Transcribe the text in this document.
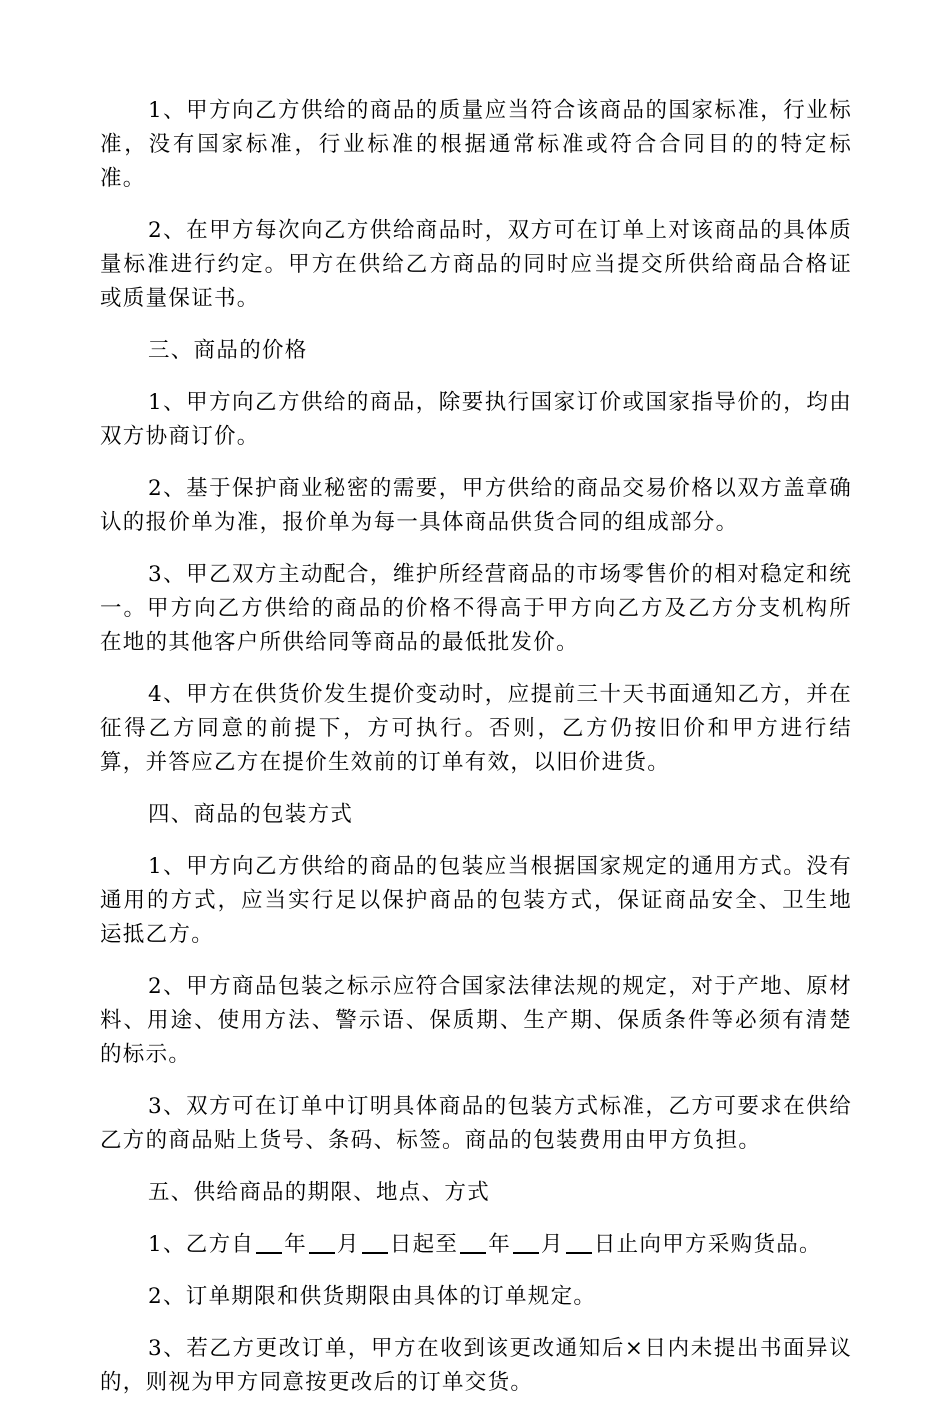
1、甲方向乙方供给的商品的质量应当符合该商品的国家标准，行业标准，没有国家标准，行业标准的根据通常标准或符合合同目的的特定标准。

2、在甲方每次向乙方供给商品时，双方可在订单上对该商品的具体质量标准进行约定。甲方在供给乙方商品的同时应当提交所供给商品合格证或质量保证书。

三、商品的价格

1、甲方向乙方供给的商品，除要执行国家订价或国家指导价的，均由双方协商订价。

2、基于保护商业秘密的需要，甲方供给的商品交易价格以双方盖章确认的报价单为准，报价单为每一具体商品供货合同的组成部分。

3、甲乙双方主动配合，维护所经营商品的市场零售价的相对稳定和统一。甲方向乙方供给的商品的价格不得高于甲方向乙方及乙方分支机构所在地的其他客户所供给同等商品的最低批发价。

4、甲方在供货价发生提价变动时，应提前三十天书面通知乙方，并在征得乙方同意的前提下，方可执行。否则，乙方仍按旧价和甲方进行结算，并答应乙方在提价生效前的订单有效，以旧价进货。

四、商品的包装方式

1、甲方向乙方供给的商品的包装应当根据国家规定的通用方式。没有通用的方式，应当实行足以保护商品的包装方式，保证商品安全、卫生地运抵乙方。

2、甲方商品包装之标示应符合国家法律法规的规定，对于产地、原材料、用途、使用方法、警示语、保质期、生产期、保质条件等必须有清楚的标示。

3、双方可在订单中订明具体商品的包装方式标准，乙方可要求在供给乙方的商品贴上货号、条码、标签。商品的包装费用由甲方负担。

五、供给商品的期限、地点、方式

1、乙方自 年 月 日起至 年 月 日止向甲方采购货品。

2、订单期限和供货期限由具体的订单规定。

3、若乙方更改订单，甲方在收到该更改通知后×日内未提出书面异议的，则视为甲方同意按更改后的订单交货。
